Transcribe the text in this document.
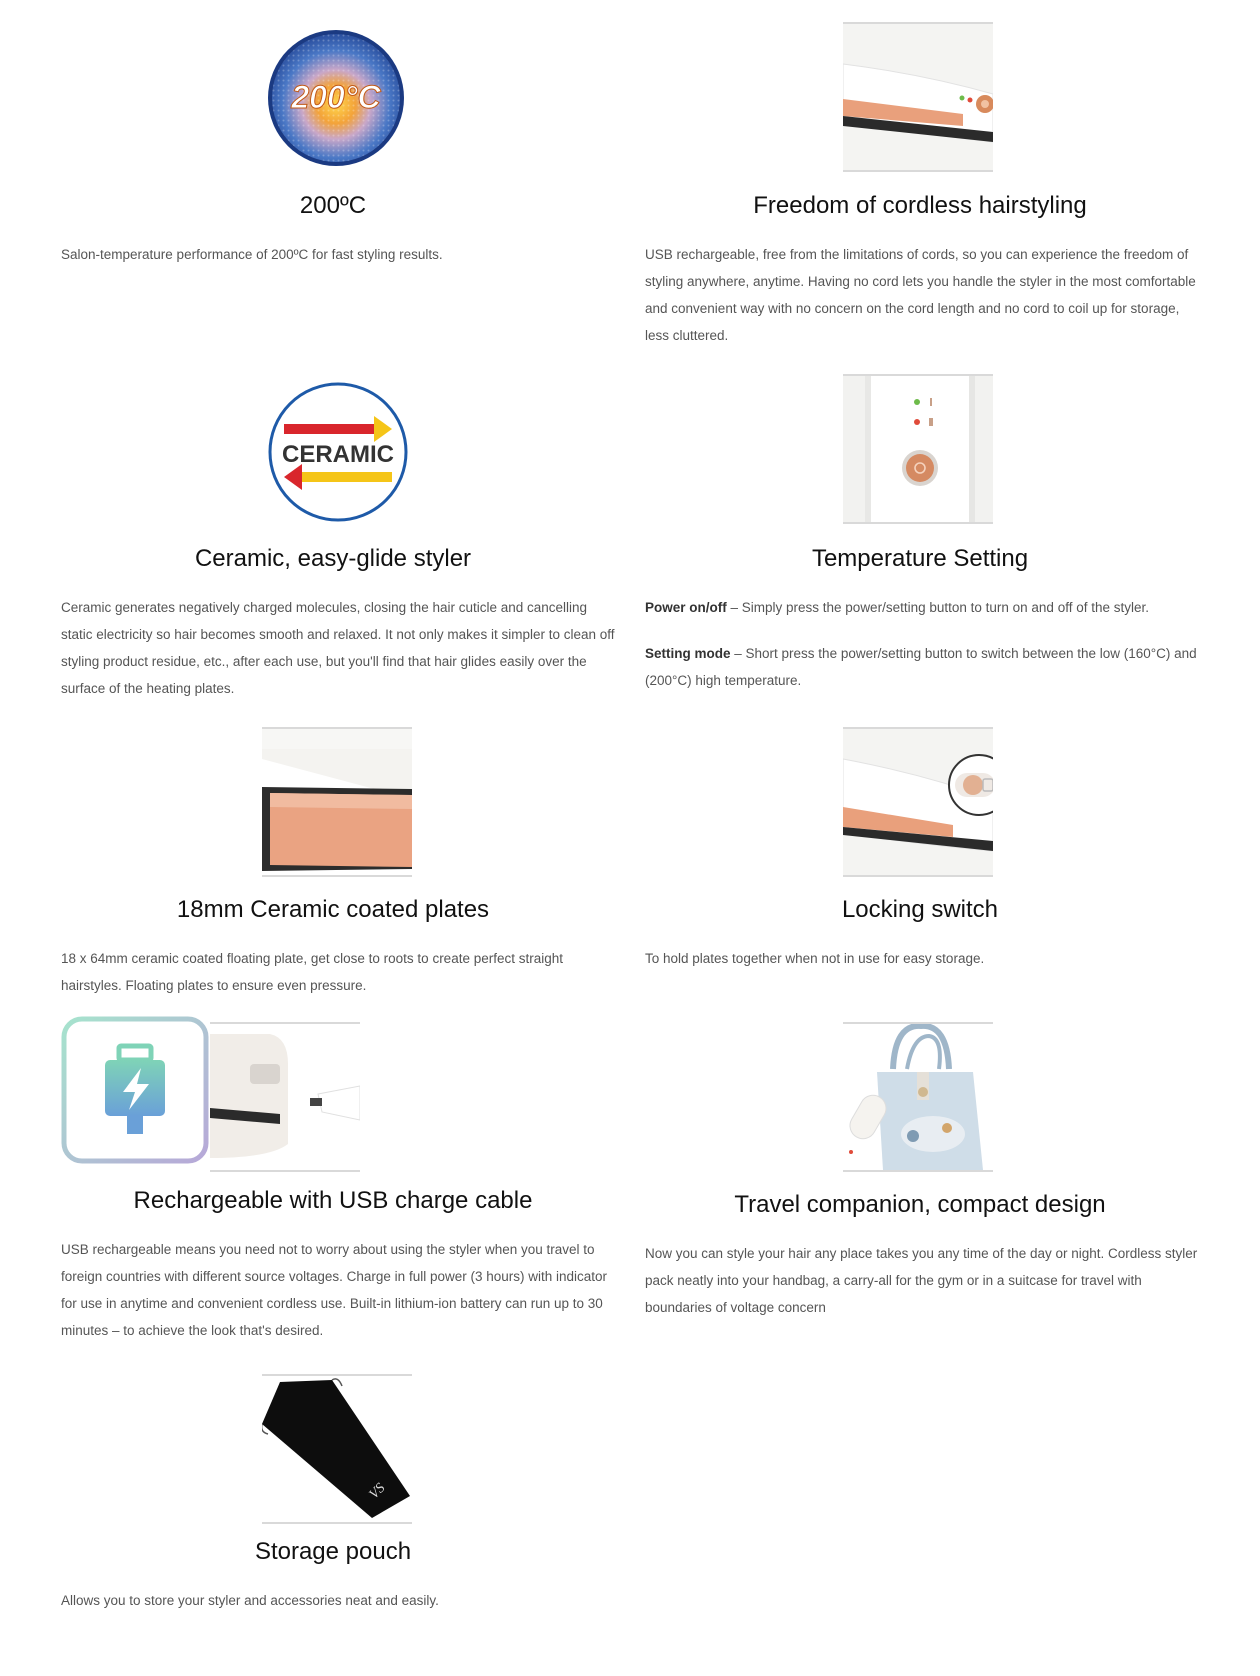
200°C
200ºC

Salon-temperature performance of 200ºC for fast styling results.

Freedom of cordless hairstyling

USB rechargeable, free from the limitations of cords, so you can experience the freedom of styling anywhere, anytime. Having no cord lets you handle the styler in the most comfortable and convenient way with no concern on the cord length and no cord to coil up for storage, less cluttered.

CERAMIC
Ceramic, easy-glide styler

Ceramic generates negatively charged molecules, closing the hair cuticle and cancelling static electricity so hair becomes smooth and relaxed. It not only makes it simpler to clean off styling product residue, etc., after each use, but you'll find that hair glides easily over the surface of the heating plates.

Temperature Setting

Power on/off – Simply press the power/setting button to turn on and off of the styler.

Setting mode – Short press the power/setting button to switch between the low (160°C) and (200°C) high temperature.

18mm Ceramic coated plates

18 x 64mm ceramic coated floating plate, get close to roots to create perfect straight hairstyles. Floating plates to ensure even pressure.

Locking switch

To hold plates together when not in use for easy storage.

Rechargeable with USB charge cable

USB rechargeable means you need not to worry about using the styler when you travel to foreign countries with different source voltages. Charge in full power (3 hours) with indicator for use in anytime and convenient cordless use. Built-in lithium-ion battery can run up to 30 minutes – to achieve the look that's desired.

Travel companion, compact design

Now you can style your hair any place takes you any time of the day or night. Cordless styler pack neatly into your handbag, a carry-all for the gym or in a suitcase for travel with boundaries of voltage concern

VS
Storage pouch

Allows you to store your styler and accessories neat and easily.
